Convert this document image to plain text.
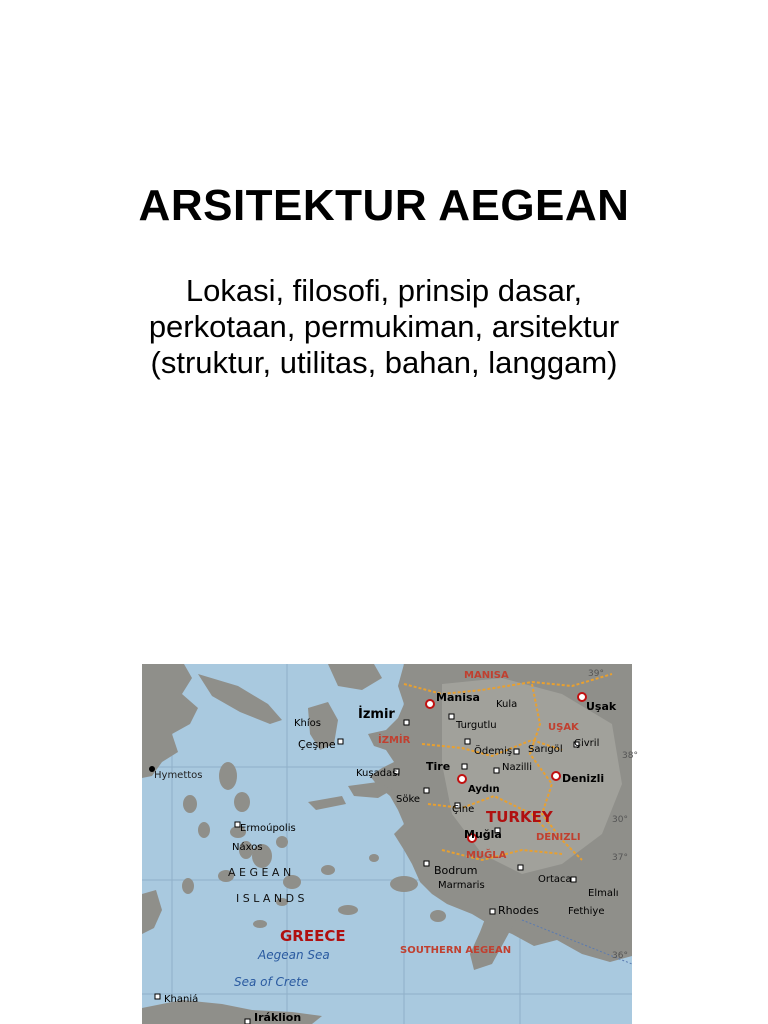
ARSITEKTUR AEGEAN
Lokasi, filosofi, prinsip dasar,
perkotaan, permukiman, arsitektur
(struktur, utilitas, bahan, langgam)
MANISA	39°
Manisa
Kula	Uşak
Khíos
İzmir
İZMİR
UŞAK
Turgutlu
Çeşme
Ödemiş Sarıgöl
Çivril
38°
Hymettos
Tire	Nazilli
Kuşadası	Denizli
Aydın
Söke
Çine TURKEY	30°
Ermoúpolis	Muğla	DENIZLI
Náxos
MUĞLA	37°
A E G E A N	Bodrum
Ortaca
Marmaris
Elmalı
I S L A N D S
Rhodes	Fethiye
GREECE
SOUTHERN AEGEAN
Aegean Sea	36°
Sea of Crete
Khaniá
Iráklion
